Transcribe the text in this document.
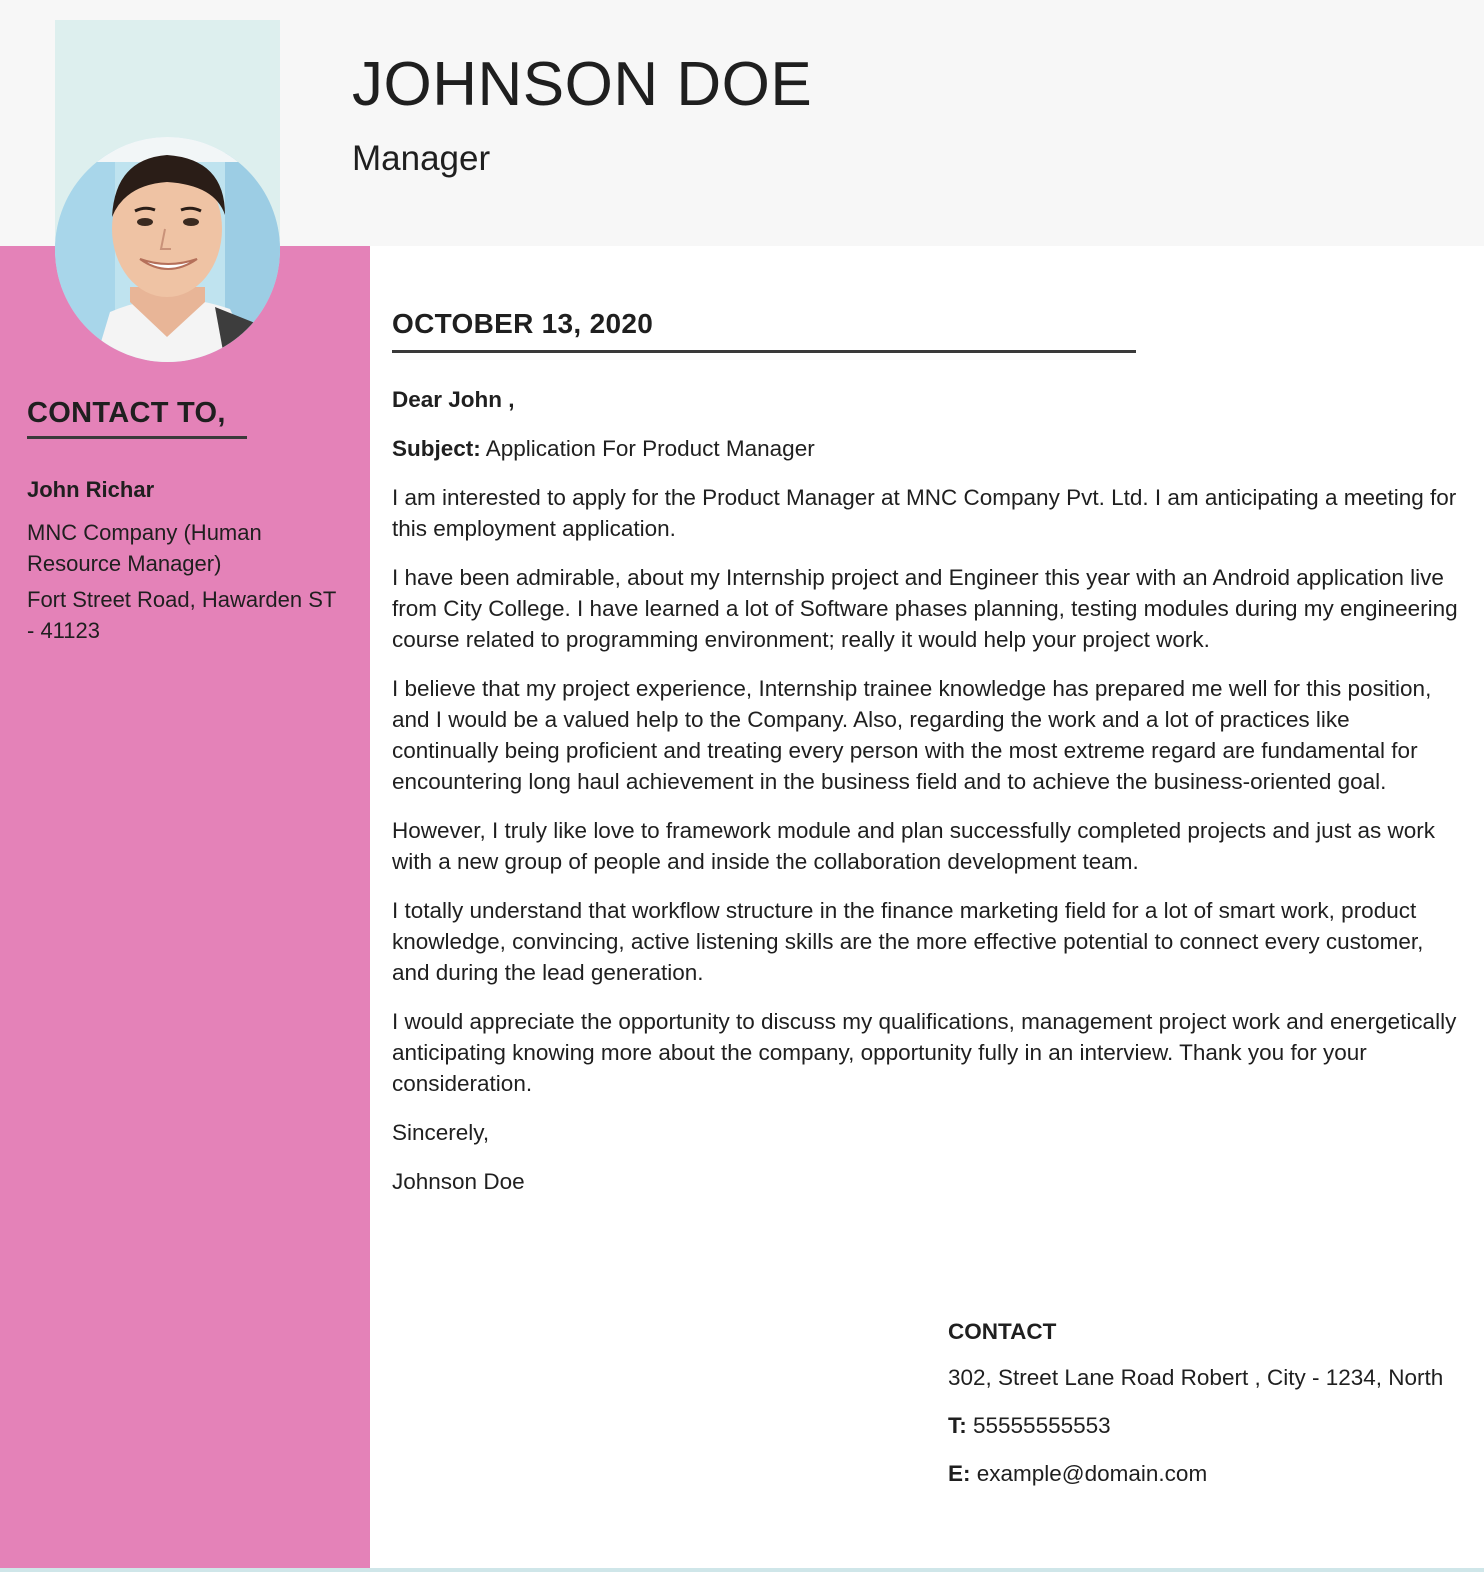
JOHNSON DOE
Manager
CONTACT TO,
John Richar
MNC Company (Human Resource Manager)
Fort Street Road, Hawarden ST - 41123
OCTOBER 13, 2020

Dear John ,

Subject: Application For Product Manager

I am interested to apply for the Product Manager at MNC Company Pvt. Ltd. I am anticipating a meeting for this employment application.

I have been admirable, about my Internship project and Engineer this year with an Android application live from City College. I have learned a lot of Software phases planning, testing modules during my engineering course related to programming environment; really it would help your project work.

I believe that my project experience, Internship trainee knowledge has prepared me well for this position, and I would be a valued help to the Company. Also, regarding the work and a lot of practices like continually being proficient and treating every person with the most extreme regard are fundamental for encountering long haul achievement in the business field and to achieve the business-oriented goal.

However, I truly like love to framework module and plan successfully completed projects and just as work with a new group of people and inside the collaboration development team.

I totally understand that workflow structure in the finance marketing field for a lot of smart work, product knowledge, convincing, active listening skills are the more effective potential to connect every customer, and during the lead generation.

I would appreciate the opportunity to discuss my qualifications, management project work and energetically anticipating knowing more about the company, opportunity fully in an interview. Thank you for your consideration.

Sincerely,

Johnson Doe

CONTACT
302, Street Lane Road Robert , City - 1234, North
T: 55555555553
E: example@domain.com
